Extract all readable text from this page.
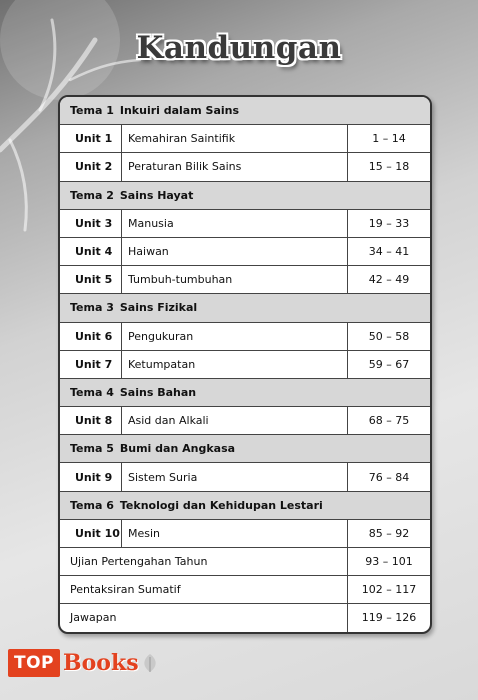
Kandungan
Tema 1 Inkuiri dalam Sains
Unit 1	Kemahiran Saintifik	1 – 14
Unit 2	Peraturan Bilik Sains	15 – 18
Tema 2 Sains Hayat
Unit 3	Manusia	19 – 33
Unit 4	Haiwan	34 – 41
Unit 5	Tumbuh-tumbuhan	42 – 49
Tema 3 Sains Fizikal
Unit 6	Pengukuran	50 – 58
Unit 7	Ketumpatan	59 – 67
Tema 4 Sains Bahan
Unit 8	Asid dan Alkali	68 – 75
Tema 5 Bumi dan Angkasa
Unit 9	Sistem Suria	76 – 84
Tema 6 Teknologi dan Kehidupan Lestari
Unit 10 Mesin	85 – 92
Ujian Pertengahan Tahun	93 – 101
Pentaksiran Sumatif	102 – 117
Jawapan	119 – 126
TOP Books
